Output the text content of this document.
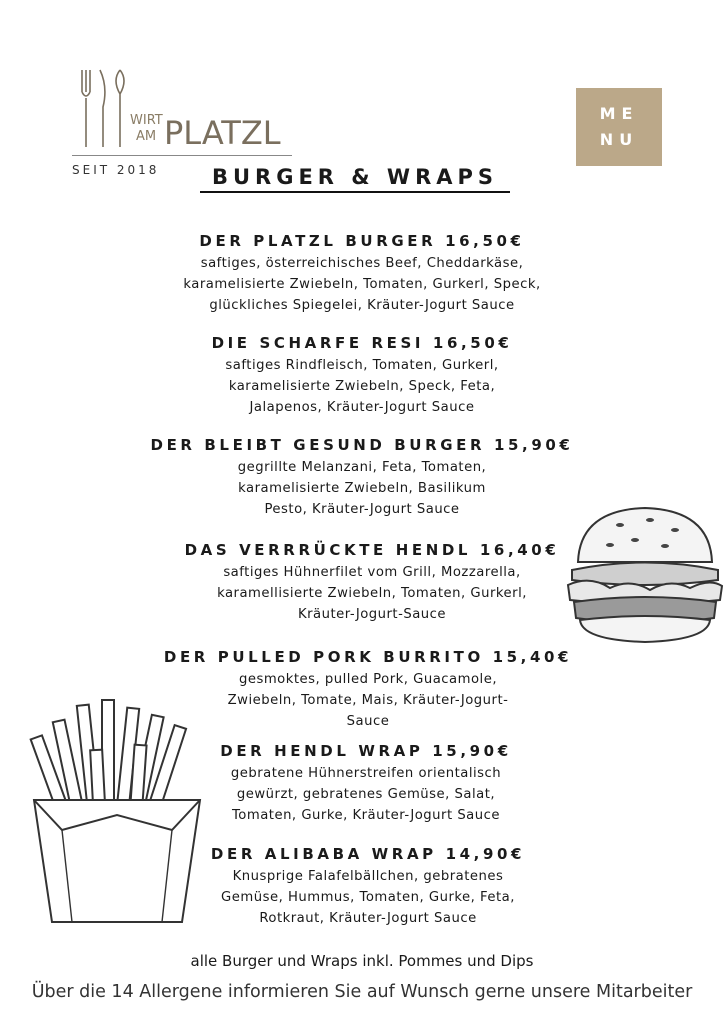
WIRT
AM PLATZL
SEIT 2018
ME
NU
BURGER & WRAPS
DER PLATZL BURGER 16,50€
saftiges, österreichisches Beef, Cheddarkäse,
karamelisierte Zwiebeln, Tomaten, Gurkerl, Speck,
glückliches Spiegelei, Kräuter-Jogurt Sauce
DIE SCHARFE RESI 16,50€
saftiges Rindfleisch, Tomaten, Gurkerl,
karamelisierte Zwiebeln, Speck, Feta,
Jalapenos, Kräuter-Jogurt Sauce
DER BLEIBT GESUND BURGER 15,90€
gegrillte Melanzani, Feta, Tomaten,
karamelisierte Zwiebeln, Basilikum
Pesto, Kräuter-Jogurt Sauce
DAS VERRRÜCKTE HENDL 16,40€
saftiges Hühnerfilet vom Grill, Mozzarella,
karamellisierte Zwiebeln, Tomaten, Gurkerl,
Kräuter-Jogurt-Sauce
DER PULLED PORK BURRITO 15,40€
gesmoktes, pulled Pork, Guacamole,
Zwiebeln, Tomate, Mais, Kräuter-Jogurt-
Sauce
DER HENDL WRAP 15,90€
gebratene Hühnerstreifen orientalisch
gewürzt, gebratenes Gemüse, Salat,
Tomaten, Gurke, Kräuter-Jogurt Sauce
DER ALIBABA WRAP 14,90€
Knusprige Falafelbällchen, gebratenes
Gemüse, Hummus, Tomaten, Gurke, Feta,
Rotkraut, Kräuter-Jogurt Sauce
alle Burger und Wraps inkl. Pommes und Dips
Über die 14 Allergene informieren Sie auf Wunsch gerne unsere Mitarbeiter
